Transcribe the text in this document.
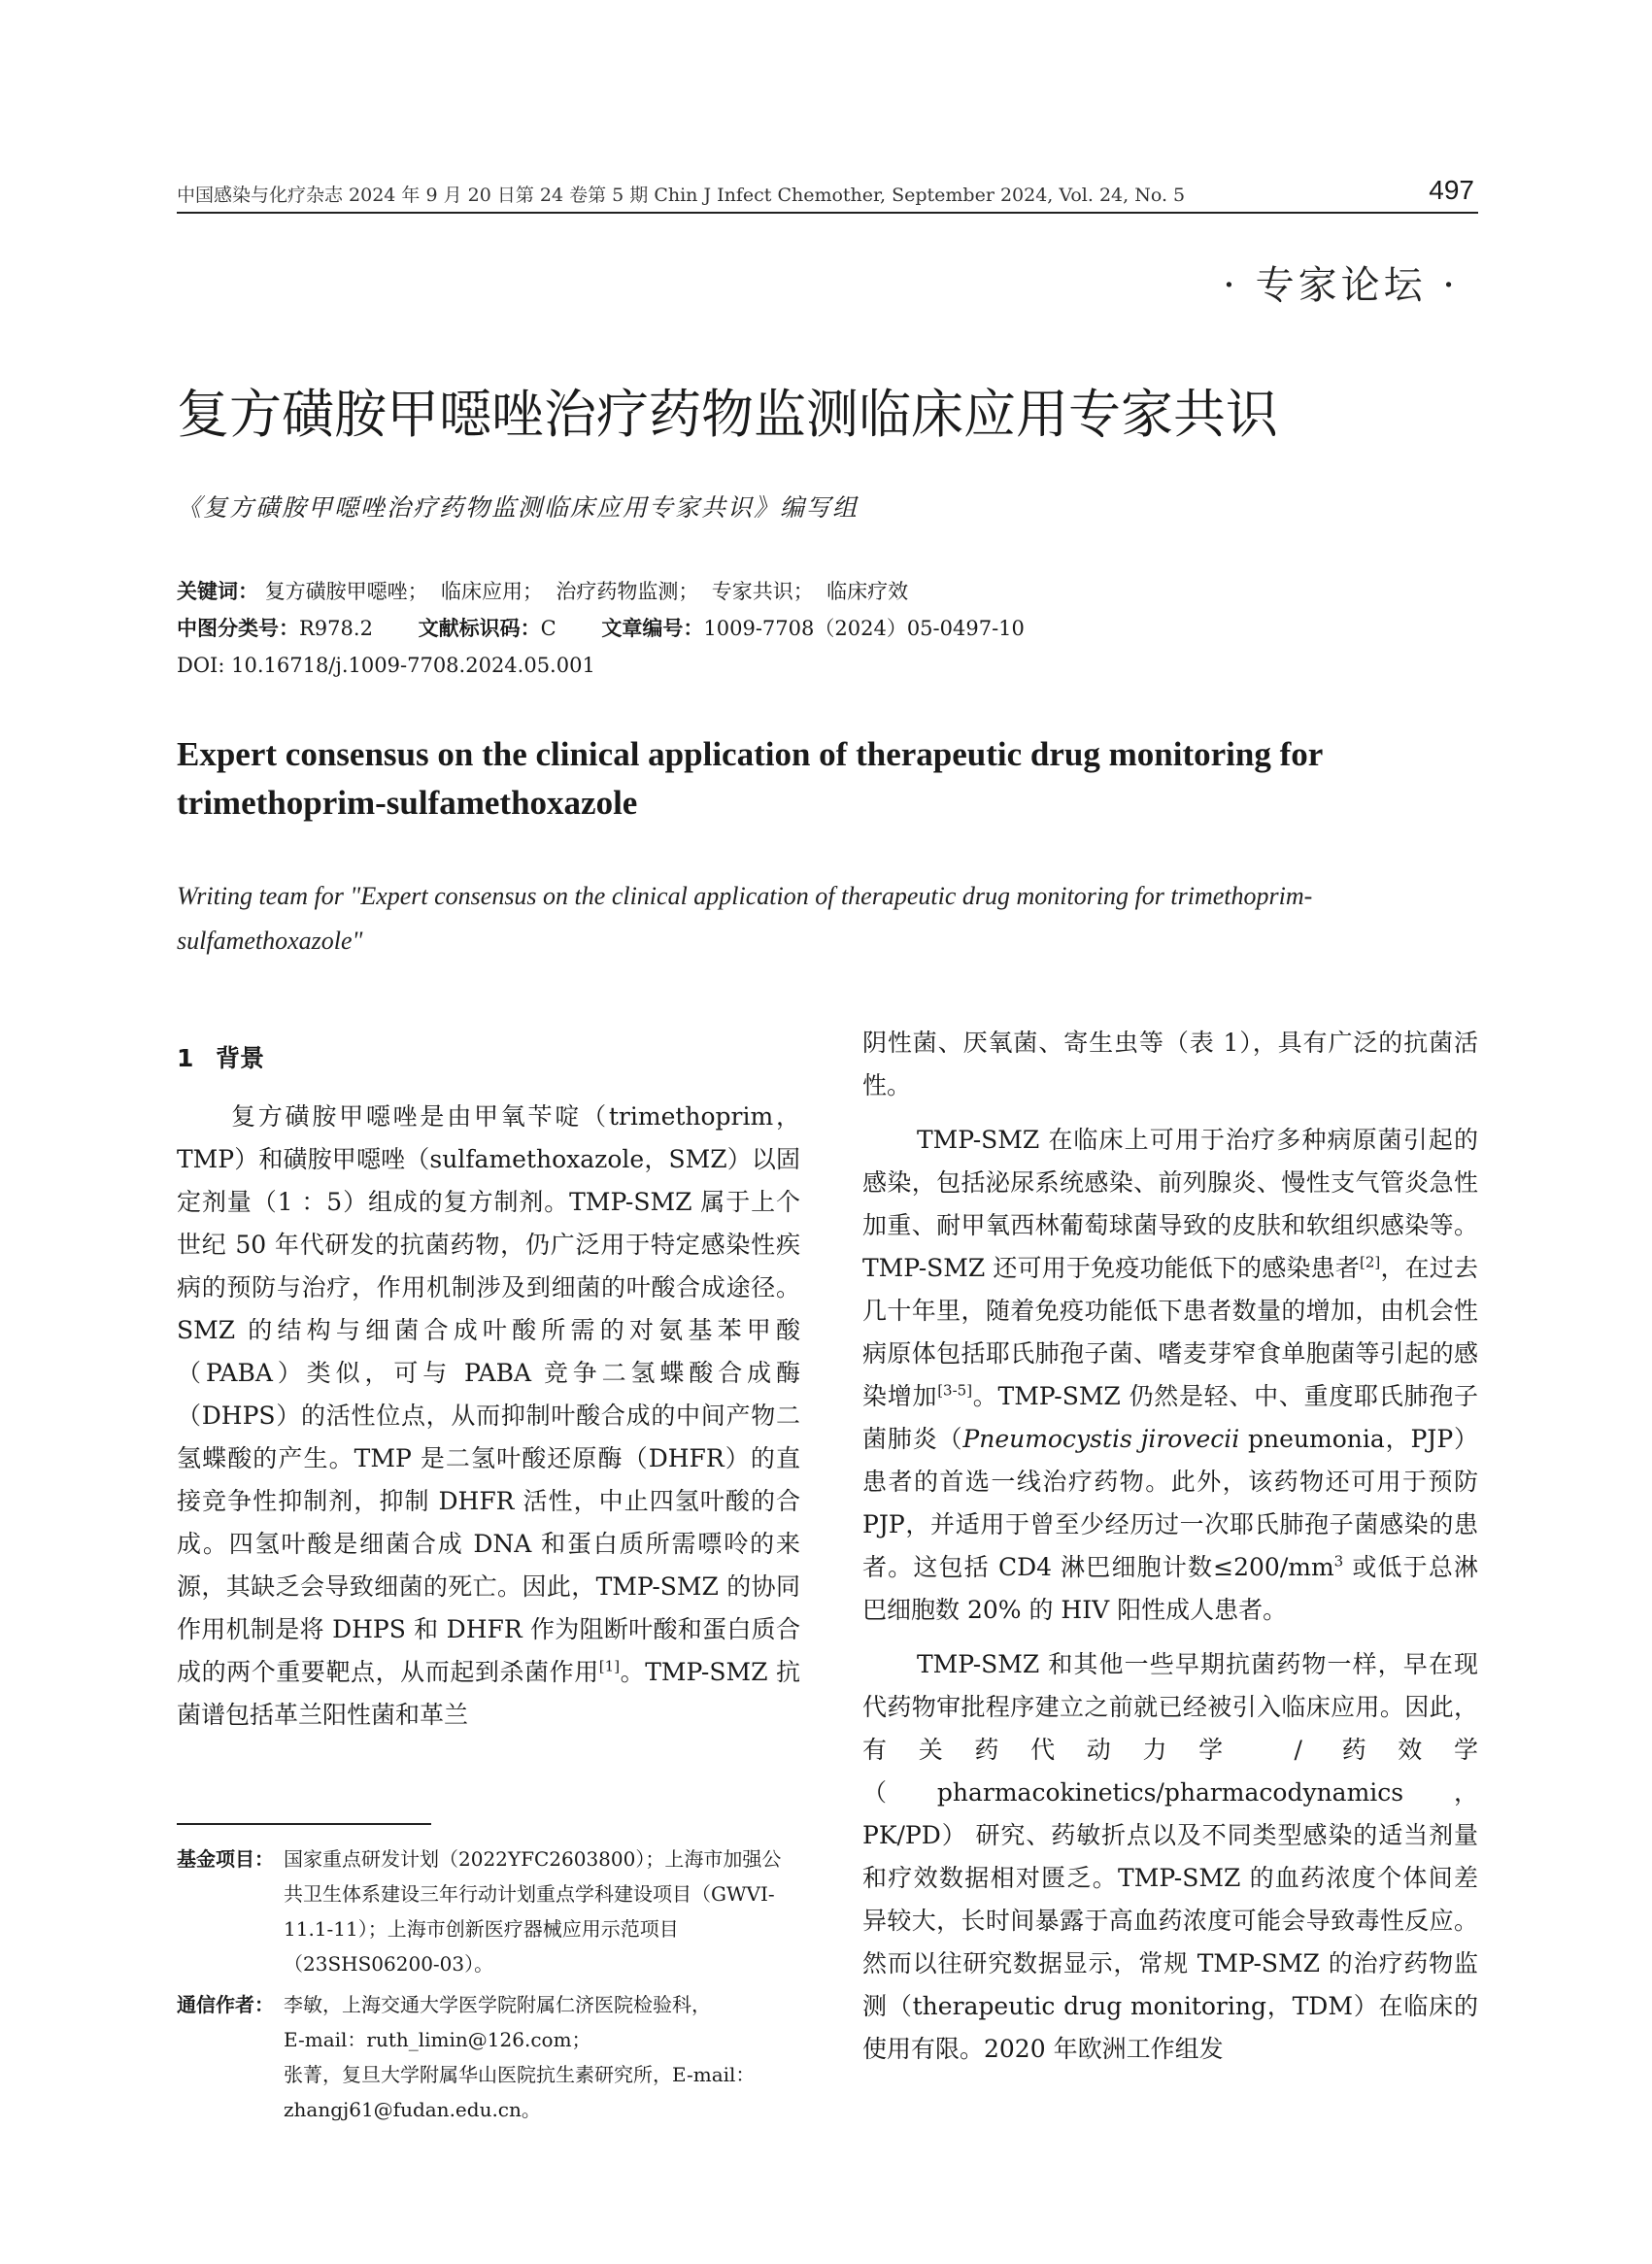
中国感染与化疗杂志 2024 年 9 月 20 日第 24 卷第 5 期 Chin J Infect Chemother, September 2024, Vol. 24, No. 5	497
· 专家论坛 ·
复方磺胺甲噁唑治疗药物监测临床应用专家共识
《复方磺胺甲噁唑治疗药物监测临床应用专家共识》编写组
关键词： 复方磺胺甲噁唑；  临床应用；  治疗药物监测；  专家共识；  临床疗效
中图分类号：R978.2 文献标识码：C 文章编号：1009-7708（2024）05-0497-10
DOI: 10.16718/j.1009-7708.2024.05.001
Expert consensus on the clinical application of therapeutic drug monitoring for trimethoprim-sulfamethoxazole
Writing team for "Expert consensus on the clinical application of therapeutic drug monitoring for trimethoprim-sulfamethoxazole"

1 背景

复方磺胺甲噁唑是由甲氧苄啶（trimethoprim，TMP）和磺胺甲噁唑（sulfamethoxazole，SMZ）以固定剂量（1 ：5）组成的复方制剂。TMP-SMZ 属于上个世纪 50 年代研发的抗菌药物，仍广泛用于特定感染性疾病的预防与治疗，作用机制涉及到细菌的叶酸合成途径。SMZ 的结构与细菌合成叶酸所需的对氨基苯甲酸（PABA）类似，可与 PABA 竞争二氢蝶酸合成酶（DHPS）的活性位点，从而抑制叶酸合成的中间产物二氢蝶酸的产生。TMP 是二氢叶酸还原酶（DHFR）的直接竞争性抑制剂，抑制 DHFR 活性，中止四氢叶酸的合成。四氢叶酸是细菌合成 DNA 和蛋白质所需嘌呤的来源，其缺乏会导致细菌的死亡。因此，TMP-SMZ 的协同作用机制是将 DHPS 和 DHFR 作为阻断叶酸和蛋白质合成的两个重要靶点，从而起到杀菌作用[1]。TMP-SMZ 抗菌谱包括革兰阳性菌和革兰

阴性菌、厌氧菌、寄生虫等（表 1），具有广泛的抗菌活性。

TMP-SMZ 在临床上可用于治疗多种病原菌引起的感染，包括泌尿系统感染、前列腺炎、慢性支气管炎急性加重、耐甲氧西林葡萄球菌导致的皮肤和软组织感染等。TMP-SMZ 还可用于免疫功能低下的感染患者[2]，在过去几十年里，随着免疫功能低下患者数量的增加，由机会性病原体包括耶氏肺孢子菌、嗜麦芽窄食单胞菌等引起的感染增加[3-5]。TMP-SMZ 仍然是轻、中、重度耶氏肺孢子菌肺炎（Pneumocystis jirovecii pneumonia，PJP）患者的首选一线治疗药物。此外，该药物还可用于预防 PJP，并适用于曾至少经历过一次耶氏肺孢子菌感染的患者。这包括 CD4 淋巴细胞计数$\le 200/mm^3$ 或低于总淋巴细胞数 20% 的 HIV 阳性成人患者。

TMP-SMZ 和其他一些早期抗菌药物一样，早在现代药物审批程序建立之前就已经被引入临床应用。因此，有关药代动力学 / 药效学（pharmacokinetics/pharmacodynamics，PK/PD） 研究、药敏折点以及不同类型感染的适当剂量和疗效数据相对匮乏。TMP-SMZ 的血药浓度个体间差异较大，长时间暴露于高血药浓度可能会导致毒性反应。然而以往研究数据显示，常规 TMP-SMZ 的治疗药物监测（therapeutic drug monitoring，TDM）在临床的使用有限。2020 年欧洲工作组发

基金项目： 国家重点研发计划（2022YFC2603800）；上海市加强公共卫生体系建设三年行动计划重点学科建设项目（GWVI-11.1-11）；上海市创新医疗器械应用示范项目（23SHS06200-03）。
通信作者： 李敏，上海交通大学医学院附属仁济医院检验科，
E-mail：ruth_limin@126.com；
张菁，复旦大学附属华山医院抗生素研究所，E-mail：
zhangj61@fudan.edu.cn。
